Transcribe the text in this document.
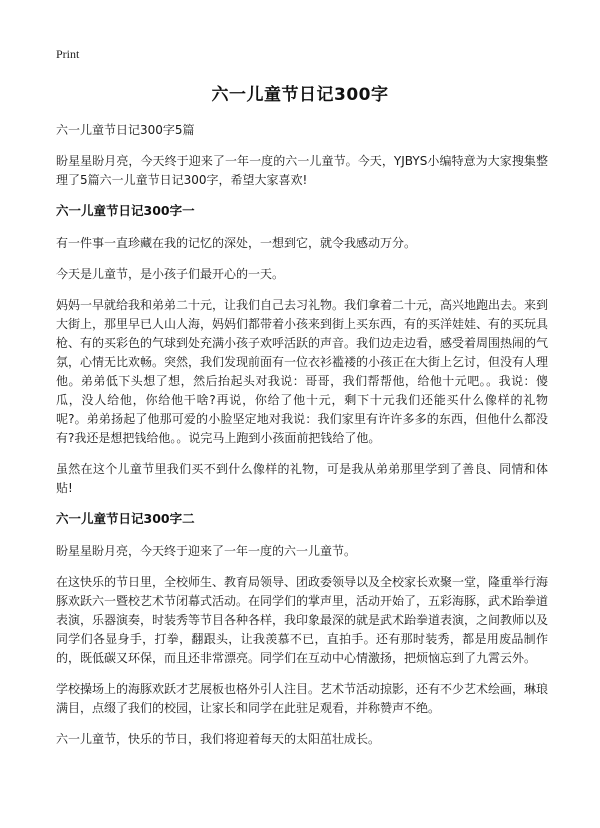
Print
六一儿童节日记300字
六一儿童节日记300字5篇

盼星星盼月亮，今天终于迎来了一年一度的六一儿童节。今天，YJBYS小编特意为大家搜集整理了5篇六一儿童节日记300字，希望大家喜欢!

六一儿童节日记300字一

有一件事一直珍藏在我的记忆的深处，一想到它，就令我感动万分。

今天是儿童节，是小孩子们最开心的一天。

妈妈一早就给我和弟弟二十元，让我们自己去习礼物。我们拿着二十元，高兴地跑出去。来到大街上，那里早已人山人海，妈妈们都带着小孩来到街上买东西，有的买洋娃娃、有的买玩具枪、有的买彩色的气球到处充满小孩子欢呼活跃的声音。我们边走边看，感受着周围热闹的气氛，心情无比欢畅。突然，我们发现前面有一位衣衫褴褛的小孩正在大街上乞讨，但没有人理他。弟弟低下头想了想，然后抬起头对我说：哥哥，我们帮帮他，给他十元吧。。我说：傻瓜，没人给他，你给他干啥?再说，你给了他十元，剩下十元我们还能买什么像样的礼物呢?。弟弟扬起了他那可爱的小脸坚定地对我说：我们家里有许许多多的东西，但他什么都没有?我还是想把钱给他。。说完马上跑到小孩面前把钱给了他。

虽然在这个儿童节里我们买不到什么像样的礼物，可是我从弟弟那里学到了善良、同情和体贴!

六一儿童节日记300字二

盼星星盼月亮，今天终于迎来了一年一度的六一儿童节。

在这快乐的节日里，全校师生、教育局领导、团政委领导以及全校家长欢聚一堂，隆重举行海豚欢跃六一暨校艺术节闭幕式活动。在同学们的掌声里，活动开始了，五彩海豚，武术跆拳道表演，乐器演奏，时装秀等节目各种各样，我印象最深的就是武术跆拳道表演，之间教师以及同学们各显身手，打拳，翻跟头，让我羡慕不已，直拍手。还有那时装秀，都是用废品制作的，既低碳又环保，而且还非常漂亮。同学们在互动中心情激扬，把烦恼忘到了九霄云外。

学校操场上的海豚欢跃才艺展板也格外引人注目。艺术节活动掠影，还有不少艺术绘画，琳琅满目，点缀了我们的校园，让家长和同学在此驻足观看，并称赞声不绝。

六一儿童节，快乐的节日，我们将迎着每天的太阳茁壮成长。
